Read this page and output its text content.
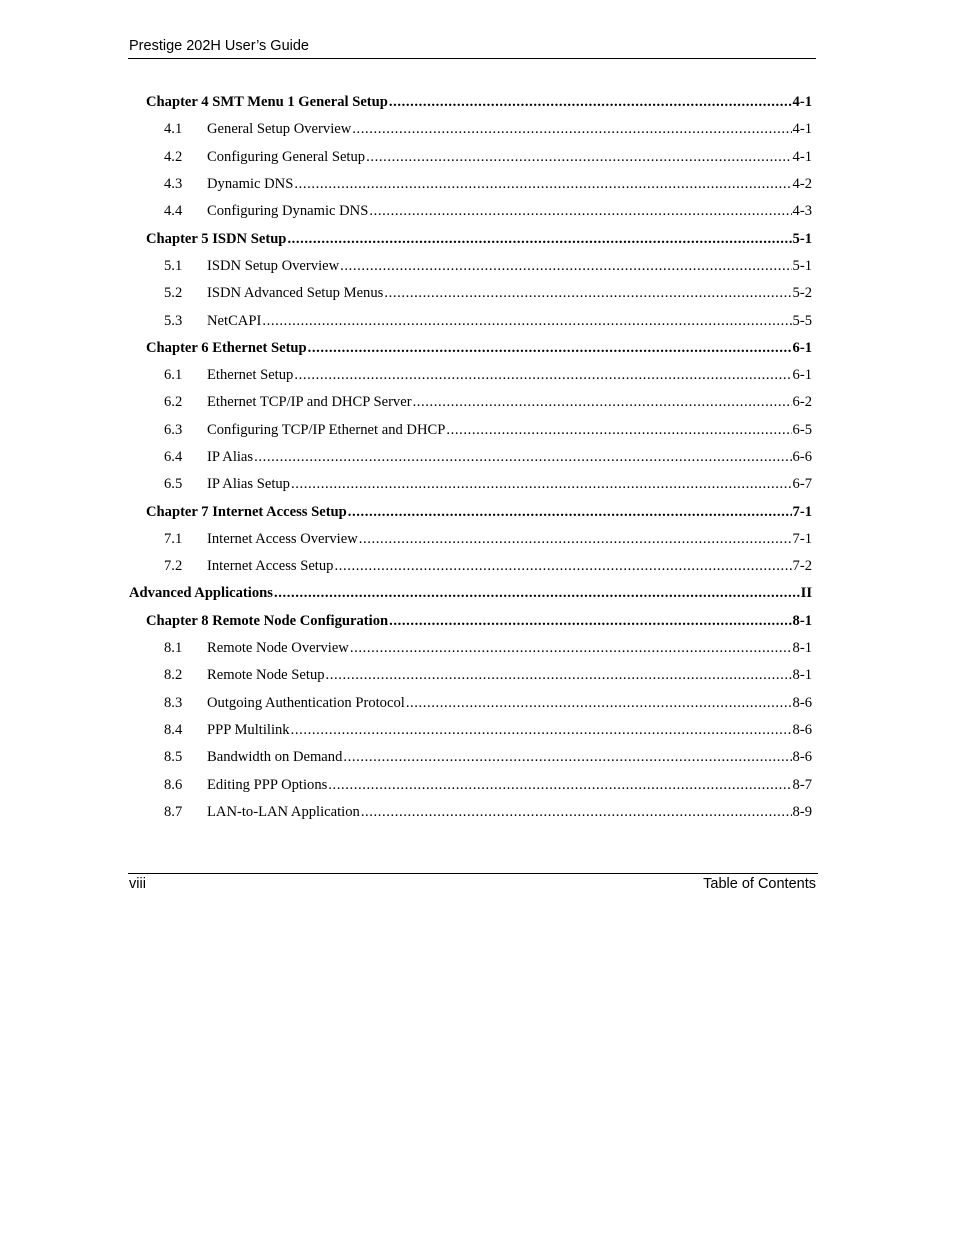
Prestige 202H User’s Guide
Chapter 4 SMT Menu 1 General Setup .....	4-1
4.1	General Setup Overview .....	4-1
4.2	Configuring General Setup .....	4-1
4.3	Dynamic DNS .....	4-2
4.4	Configuring Dynamic DNS .....	4-3
Chapter 5 ISDN Setup .....	5-1
5.1	ISDN Setup Overview .....	5-1
5.2	ISDN Advanced Setup Menus .....	5-2
5.3	NetCAPI .....	5-5
Chapter 6 Ethernet Setup .....	6-1
6.1	Ethernet Setup .....	6-1
6.2	Ethernet TCP/IP and DHCP Server .....	6-2
6.3	Configuring TCP/IP Ethernet and DHCP .....	6-5
6.4	IP Alias .....	6-6
6.5	IP Alias Setup .....	6-7
Chapter 7 Internet Access Setup .....	7-1
7.1	Internet Access Overview .....	7-1
7.2	Internet Access Setup .....	7-2
Advanced Applications .....	II
Chapter 8 Remote Node Configuration .....	8-1
8.1	Remote Node Overview .....	8-1
8.2	Remote Node Setup .....	8-1
8.3	Outgoing Authentication Protocol .....	8-6
8.4	PPP Multilink .....	8-6
8.5	Bandwidth on Demand .....	8-6
8.6	Editing PPP Options .....	8-7
8.7	LAN-to-LAN Application .....	8-9
viii	Table of Contents
